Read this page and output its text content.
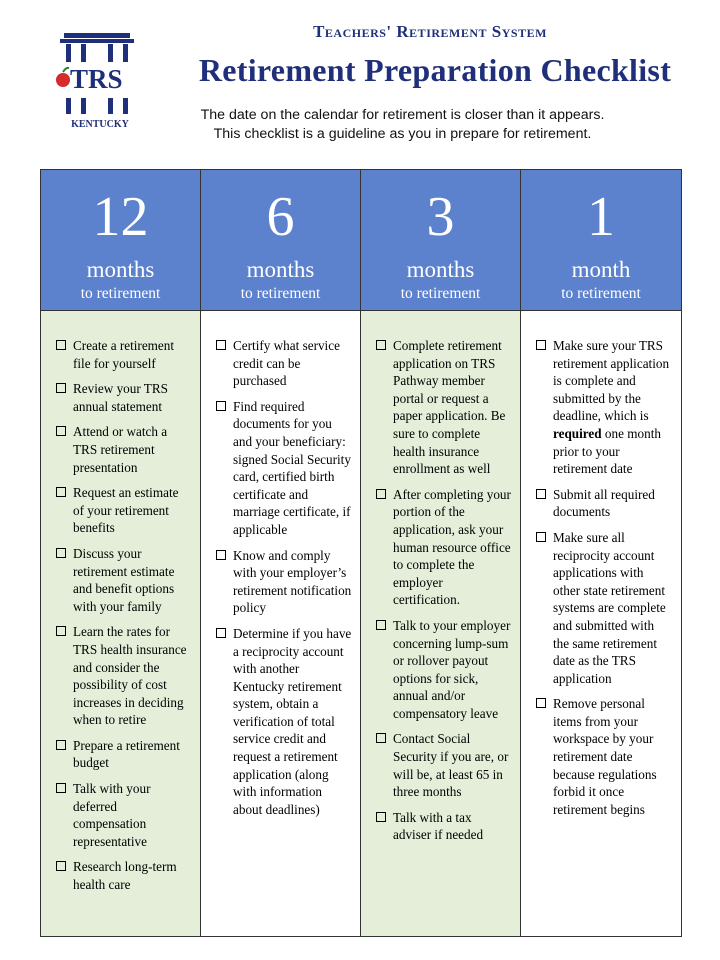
TRS
KENTUCKY
Teachers' Retirement System
Retirement Preparation Checklist
The date on the calendar for retirement is closer than it appears.
This checklist is a guideline as you in prepare for retirement.
12
months
to retirement
Create a retirement file for yourself
Review your TRS annual statement
Attend or watch a TRS retirement presentation
Request an estimate of your retirement benefits
Discuss your retirement estimate and benefit options with your family
Learn the rates for TRS health insurance and consider the possibility of cost increases in deciding when to retire
Prepare a retirement budget
Talk with your deferred compensation representative
Research long-term health care
6
months
to retirement
Certify what service credit can be purchased
Find required documents for you and your beneficiary: signed Social Security card, certified birth certificate and marriage certificate, if applicable
Know and comply with your employer’s retirement notification policy
Determine if you have a reciprocity account with another Kentucky retirement system, obtain a verification of total service credit and request a retirement application (along with information about deadlines)
3
months
to retirement
Complete retirement application on TRS Pathway member portal or request a paper application. Be sure to complete health insurance enrollment as well
After completing your portion of the application, ask your human resource office to complete the employer certification.
Talk to your employer concerning lump-sum or rollover payout options for sick, annual and/or compensatory leave
Contact Social Security if you are, or will be, at least 65 in three months
Talk with a tax adviser if needed
1
month
to retirement
Make sure your TRS retirement application is complete and submitted by the deadline, which is required one month prior to your retirement date
Submit all required documents
Make sure all reciprocity account applications with other state retirement systems are complete and submitted with the same retirement date as the TRS application
Remove personal items from your workspace by your retirement date because regulations forbid it once retirement begins
